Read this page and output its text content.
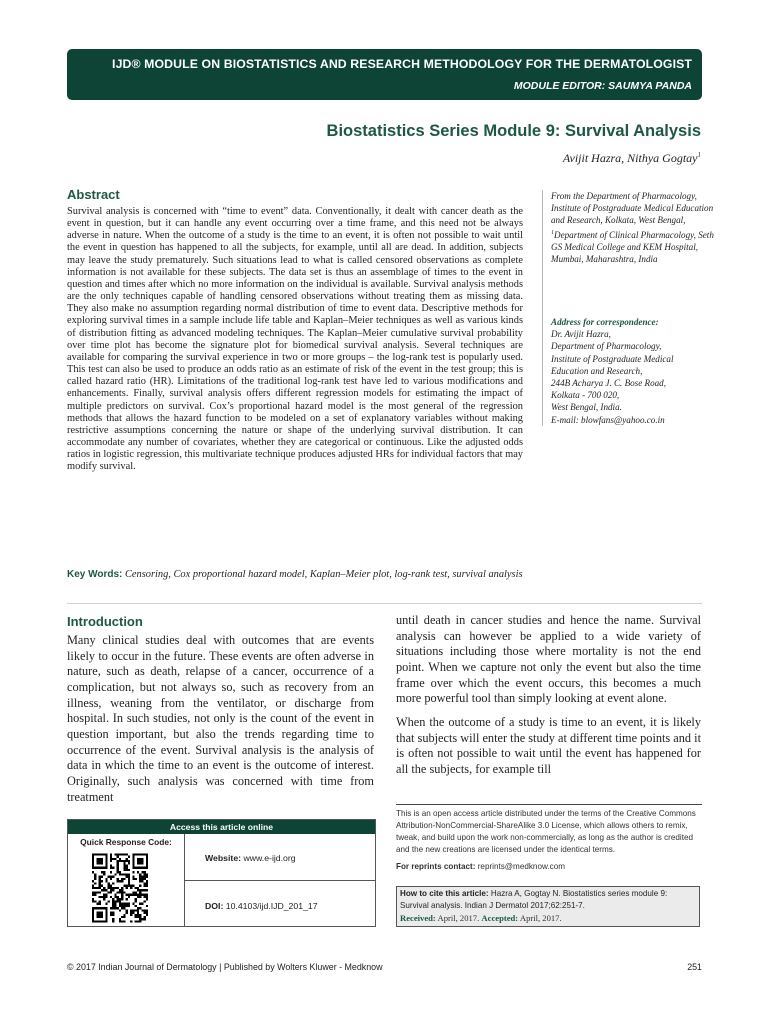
IJD® MODULE ON BIOSTATISTICS AND RESEARCH METHODOLOGY FOR THE DERMATOLOGIST
MODULE EDITOR: SAUMYA PANDA
Biostatistics Series Module 9: Survival Analysis
Avijit Hazra, Nithya Gogtay$^1$
Abstract
Survival analysis is concerned with “time to event” data. Conventionally, it dealt with cancer death as the event in question, but it can handle any event occurring over a time frame, and this need not be always adverse in nature. When the outcome of a study is the time to an event, it is often not possible to wait until the event in question has happened to all the subjects, for example, until all are dead. In addition, subjects may leave the study prematurely. Such situations lead to what is called censored observations as complete information is not available for these subjects. The data set is thus an assemblage of times to the event in question and times after which no more information on the individual is available. Survival analysis methods are the only techniques capable of handling censored observations without treating them as missing data. They also make no assumption regarding normal distribution of time to event data. Descriptive methods for exploring survival times in a sample include life table and Kaplan–Meier techniques as well as various kinds of distribution fitting as advanced modeling techniques. The Kaplan–Meier cumulative survival probability over time plot has become the signature plot for biomedical survival analysis. Several techniques are available for comparing the survival experience in two or more groups – the log-rank test is popularly used. This test can also be used to produce an odds ratio as an estimate of risk of the event in the test group; this is called hazard ratio (HR). Limitations of the traditional log-rank test have led to various modifications and enhancements. Finally, survival analysis offers different regression models for estimating the impact of multiple predictors on survival. Cox’s proportional hazard model is the most general of the regression methods that allows the hazard function to be modeled on a set of explanatory variables without making restrictive assumptions concerning the nature or shape of the underlying survival distribution. It can accommodate any number of covariates, whether they are categorical or continuous. Like the adjusted odds ratios in logistic regression, this multivariate technique produces adjusted HRs for individual factors that may modify survival.
From the Department of Pharmacology, Institute of Postgraduate Medical Education and Research, Kolkata, West Bengal, $^1$Department of Clinical Pharmacology, Seth GS Medical College and KEM Hospital, Mumbai, Maharashtra, India
Address for correspondence:
Dr. Avijit Hazra,
Department of Pharmacology,
Institute of Postgraduate Medical
Education and Research,
244B Acharya J. C. Bose Road,
Kolkata - 700 020,
West Bengal, India.
E-mail: blowfans@yahoo.co.in
Key Words: Censoring, Cox proportional hazard model, Kaplan–Meier plot, log-rank test, survival analysis
Introduction

Many clinical studies deal with outcomes that are events likely to occur in the future. These events are often adverse in nature, such as death, relapse of a cancer, occurrence of a complication, but not always so, such as recovery from an illness, weaning from the ventilator, or discharge from hospital. In such studies, not only is the count of the event in question important, but also the trends regarding time to occurrence of the event. Survival analysis is the analysis of data in which the time to an event is the outcome of interest. Originally, such analysis was concerned with time from treatment

until death in cancer studies and hence the name. Survival analysis can however be applied to a wide variety of situations including those where mortality is not the end point. When we capture not only the event but also the time frame over which the event occurs, this becomes a much more powerful tool than simply looking at event alone.

When the outcome of a study is time to an event, it is likely that subjects will enter the study at different time points and it is often not possible to wait until the event has happened for all the subjects, for example till

Access this article online
Quick Response Code:
Website: www.e-ijd.org
DOI: 10.4103/ijd.IJD_201_17
This is an open access article distributed under the terms of the Creative Commons Attribution-NonCommercial-ShareAlike 3.0 License, which allows others to remix, tweak, and build upon the work non-commercially, as long as the author is credited and the new creations are licensed under the identical terms.
For reprints contact: reprints@medknow.com
How to cite this article: Hazra A, Gogtay N. Biostatistics series module 9: Survival analysis. Indian J Dermatol 2017;62:251-7.
Received: April, 2017. Accepted: April, 2017.
© 2017 Indian Journal of Dermatology | Published by Wolters Kluwer - Medknow	251
